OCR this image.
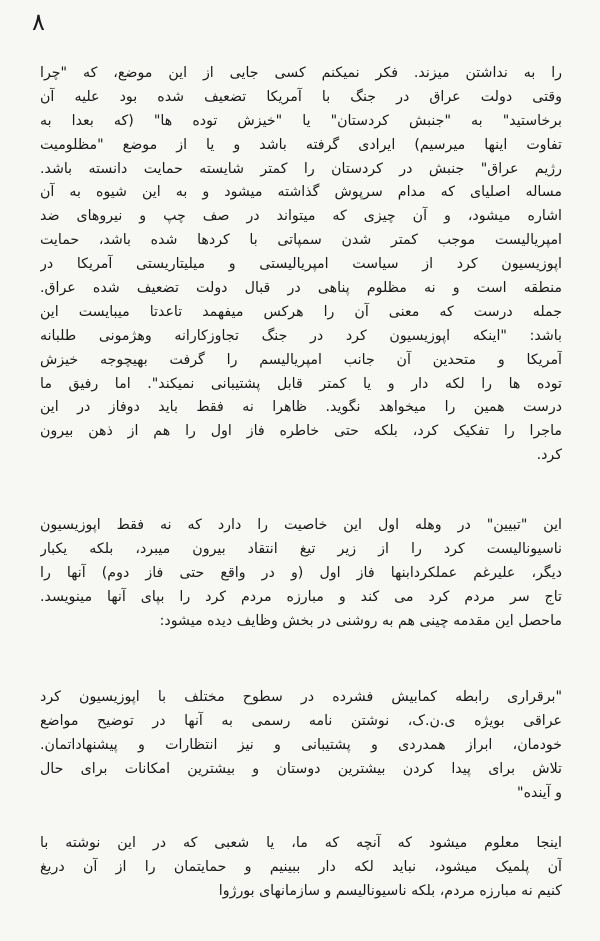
۸
را به نداشتن میزند. فکر نمیکنم کسی جایی از این موضع، که "چرا
وقتی دولت عراق در جنگ با آمریکا تضعیف شده بود علیه آن
برخاستید" به "جنبش کردستان" یا "خیزش توده ها" (که بعدا به
تفاوت اینها میرسیم) ایرادی گرفته باشد و یا از موضع "مظلومیت
رژیم عراق" جنبش در کردستان را کمتر شایسته حمایت دانسته باشد.
مساله اصلیای که مدام سرپوش گذاشته میشود و به این شیوه به آن
اشاره میشود، و آن چیزی که میتواند در صف چپ و نیروهای ضد
امپریالیست موجب کمتر شدن سمپاتی با کردها شده باشد، حمایت
اپوزیسیون کرد از سیاست امپریالیستی و میلیتاریستی آمریکا در
منطقه است و نه مظلوم پناهی در قبال دولت تضعیف شده عراق.
جمله درست که معنی آن را هرکس میفهمد تاعدتا میبایست این
باشد: "اینکه اپوزیسیون کرد در جنگ تجاوزکارانه وهژمونی طلبانه
آمریکا و متحدین آن جانب امپریالیسم را گرفت بهیچوجه خیزش
توده ها را لکه دار و یا کمتر قابل پشتیبانی نمیکند". اما رفیق ما
درست همین را میخواهد نگوید. ظاهرا نه فقط باید دوفاز در این
ماجرا را تفکیک کرد، بلکه حتی خاطره فاز اول را هم از ذهن بیرون
کرد.
این "تبیین" در وهله اول این خاصیت را دارد که نه فقط اپوزیسیون
ناسیونالیست کرد را از زیر تیغ انتقاد بیرون میبرد، بلکه یکبار
دیگر، علیرغم عملکردابنها فاز اول (و در واقع حتی فاز دوم) آنها را
تاج سر مردم کرد می کند و مبارزه مردم کرد را بپای آنها مینویسد.
ماحصل این مقدمه چینی هم به روشنی در بخش وظایف دیده میشود:
"برقراری رابطه کمابیش فشرده در سطوح مختلف با اپوزیسیون کرد
عراقی بویژه ی.ن.ک، نوشتن نامه رسمی به آنها در توضیح مواضع
خودمان، ابراز همدردی و پشتیبانی و نیز انتظارات و پیشنهاداتمان.
تلاش برای پیدا کردن بیشترین دوستان و بیشترین امکانات برای حال
و آینده"
اینجا معلوم میشود که آنچه که ما، یا شعبی که در این نوشته با
آن پلمیک میشود، نباید لکه دار ببینیم و حمایتمان را از آن دریغ
کنیم نه مبارزه مردم، بلکه ناسیونالیسم و سازمانهای بورژوا
